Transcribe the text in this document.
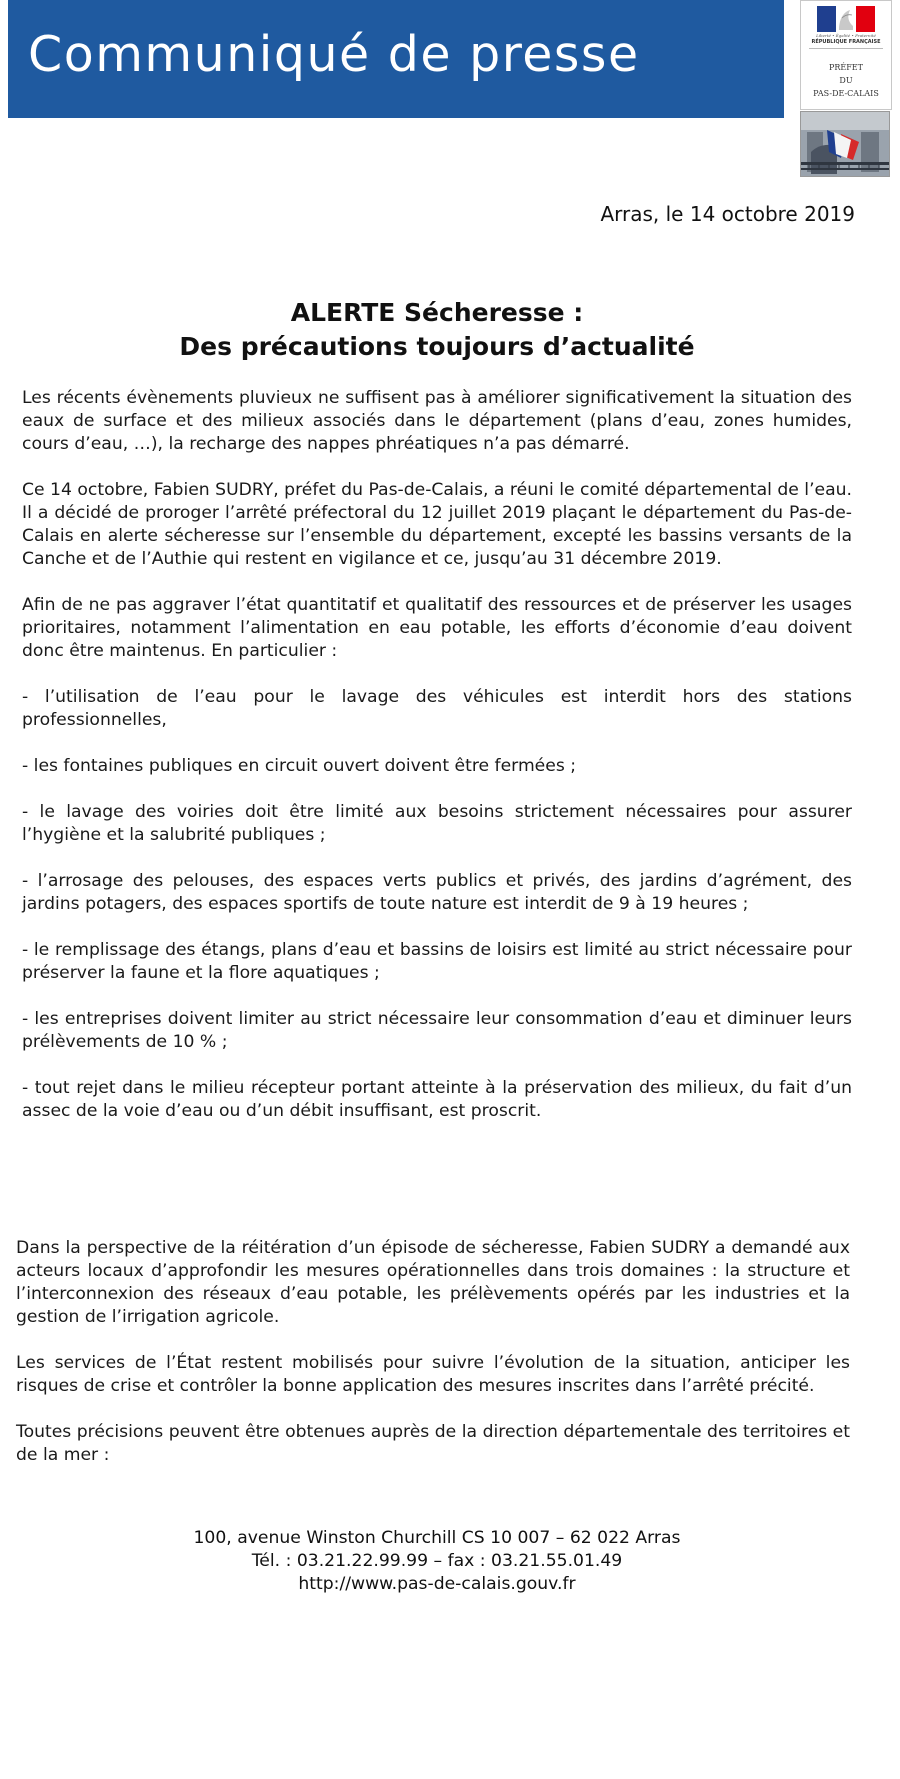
Communiqué de presse	Liberté • Égalité • Fraternité
RÉPUBLIQUE FRANÇAISE
PRÉFET
DU
PAS-DE-CALAIS
Arras, le 14 octobre 2019
ALERTE Sécheresse :
Des précautions toujours d’actualité

Les récents évènements pluvieux ne suffisent pas à améliorer significativement la situation des eaux de surface et des milieux associés dans le département (plans d’eau, zones humides, cours d’eau, …), la recharge des nappes phréatiques n’a pas démarré.

Ce 14 octobre, Fabien SUDRY, préfet du Pas-de-Calais, a réuni le comité départemental de l’eau. Il a décidé de proroger l’arrêté préfectoral du 12 juillet 2019 plaçant le département du Pas-de-Calais en alerte sécheresse sur l’ensemble du département, excepté les bassins versants de la Canche et de l’Authie qui restent en vigilance et ce, jusqu’au 31 décembre 2019.

Afin de ne pas aggraver l’état quantitatif et qualitatif des ressources et de préserver les usages prioritaires, notamment l’alimentation en eau potable, les efforts d’économie d’eau doivent donc être maintenus. En particulier :

- l’utilisation de l’eau pour le lavage des véhicules est interdit hors des stations professionnelles,

- les fontaines publiques en circuit ouvert doivent être fermées ;

- le lavage des voiries doit être limité aux besoins strictement nécessaires pour assurer l’hygiène et la salubrité publiques ;

- l’arrosage des pelouses, des espaces verts publics et privés, des jardins d’agrément, des jardins potagers, des espaces sportifs de toute nature est interdit de 9 à 19 heures ;

- le remplissage des étangs, plans d’eau et bassins de loisirs est limité au strict nécessaire pour préserver la faune et la flore aquatiques ;

- les entreprises doivent limiter au strict nécessaire leur consommation d’eau et diminuer leurs prélèvements de 10 % ;

- tout rejet dans le milieu récepteur portant atteinte à la préservation des milieux, du fait d’un assec de la voie d’eau ou d’un débit insuffisant, est proscrit.

Dans la perspective de la réitération d’un épisode de sécheresse, Fabien SUDRY a demandé aux acteurs locaux d’approfondir les mesures opérationnelles dans trois domaines : la structure et l’interconnexion des réseaux d’eau potable, les prélèvements opérés par les industries et la gestion de l’irrigation agricole.

Les services de l’État restent mobilisés pour suivre l’évolution de la situation, anticiper les risques de crise et contrôler la bonne application des mesures inscrites dans l’arrêté précité.

Toutes précisions peuvent être obtenues auprès de la direction départementale des territoires et de la mer :

100, avenue Winston Churchill CS 10 007 – 62 022 Arras
Tél. : 03.21.22.99.99 – fax : 03.21.55.01.49
http://www.pas-de-calais.gouv.fr
